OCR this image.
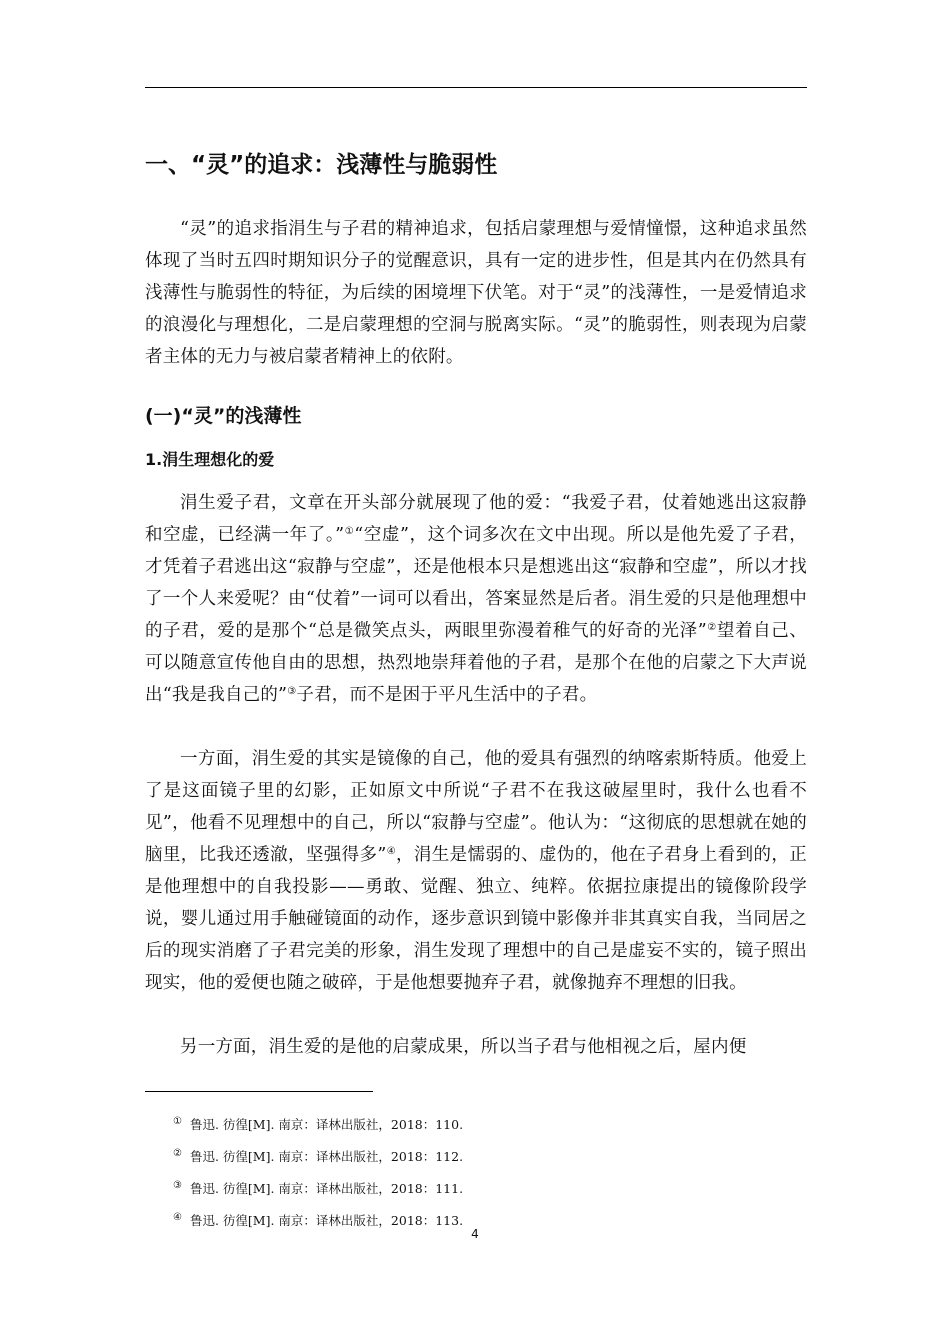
一、“灵”的追求：浅薄性与脆弱性

“灵”的追求指涓生与子君的精神追求，包括启蒙理想与爱情憧憬，这种追求虽然体现了当时五四时期知识分子的觉醒意识，具有一定的进步性，但是其内在仍然具有浅薄性与脆弱性的特征，为后续的困境埋下伏笔。对于“灵”的浅薄性，一是爱情追求的浪漫化与理想化，二是启蒙理想的空洞与脱离实际。“灵”的脆弱性，则表现为启蒙者主体的无力与被启蒙者精神上的依附。

(一)“灵”的浅薄性
1.涓生理想化的爱

涓生爱子君，文章在开头部分就展现了他的爱：“我爱子君，仗着她逃出这寂静和空虚，已经满一年了。”①“空虚”，这个词多次在文中出现。所以是他先爱了子君，才凭着子君逃出这“寂静与空虚”，还是他根本只是想逃出这“寂静和空虚”，所以才找了一个人来爱呢？由“仗着”一词可以看出，答案显然是后者。涓生爱的只是他理想中的子君，爱的是那个“总是微笑点头，两眼里弥漫着稚气的好奇的光泽”②望着自己、可以随意宣传他自由的思想，热烈地崇拜着他的子君，是那个在他的启蒙之下大声说出“我是我自己的”③子君，而不是困于平凡生活中的子君。

一方面，涓生爱的其实是镜像的自己，他的爱具有强烈的纳喀索斯特质。他爱上了是这面镜子里的幻影，正如原文中所说“子君不在我这破屋里时，我什么也看不见”，他看不见理想中的自己，所以“寂静与空虚”。他认为：“这彻底的思想就在她的脑里，比我还透澈，坚强得多”④，涓生是懦弱的、虚伪的，他在子君身上看到的，正是他理想中的自我投影——勇敢、觉醒、独立、纯粹。依据拉康提出的镜像阶段学说，婴儿通过用手触碰镜面的动作，逐步意识到镜中影像并非其真实自我，当同居之后的现实消磨了子君完美的形象，涓生发现了理想中的自己是虚妄不实的，镜子照出现实，他的爱便也随之破碎，于是他想要抛弃子君，就像抛弃不理想的旧我。

另一方面，涓生爱的是他的启蒙成果，所以当子君与他相视之后，屋内便

① 鲁迅. 彷徨[M]. 南京：译林出版社，2018：110.
② 鲁迅. 彷徨[M]. 南京：译林出版社，2018：112.
③ 鲁迅. 彷徨[M]. 南京：译林出版社，2018：111.
④ 鲁迅. 彷徨[M]. 南京：译林出版社，2018：113.
4
